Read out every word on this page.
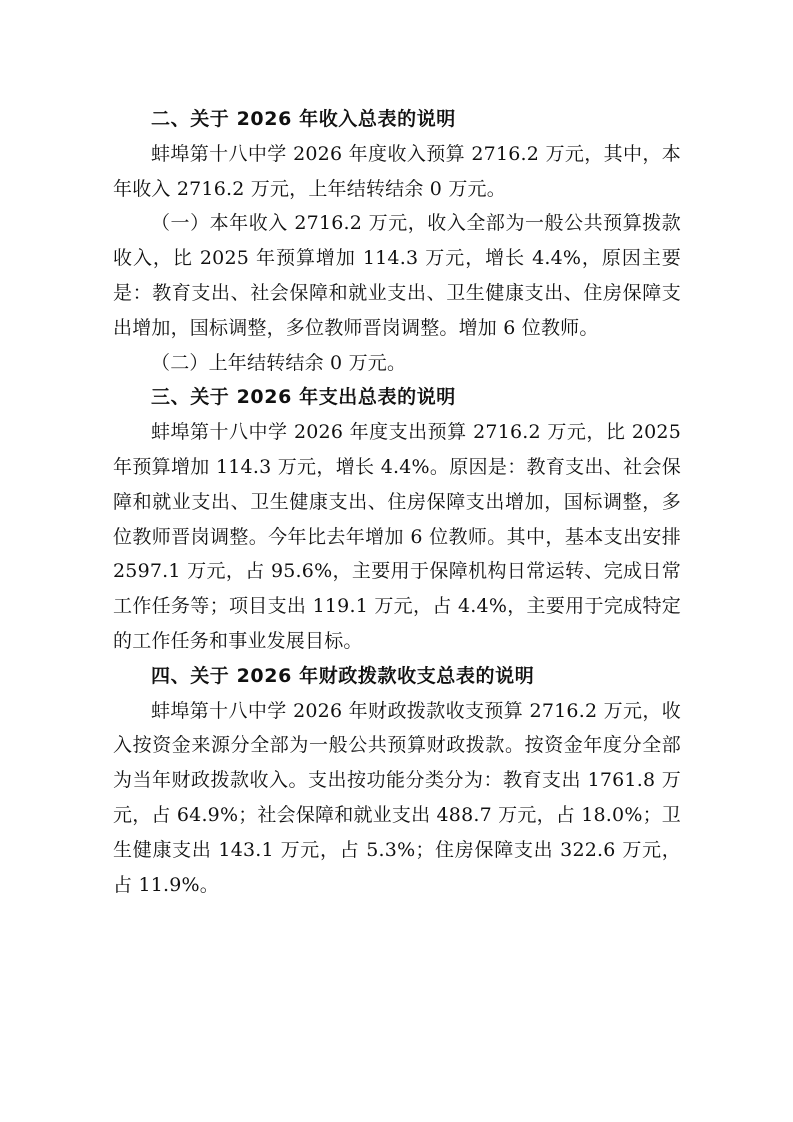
二、关于 2026 年收入总表的说明

蚌埠第十八中学 2026 年度收入预算 2716.2 万元，其中，本年收入 2716.2 万元，上年结转结余 0 万元。

（一）本年收入 2716.2 万元，收入全部为一般公共预算拨款收入，比 2025 年预算增加 114.3 万元，增长 4.4%，原因主要是：教育支出、社会保障和就业支出、卫生健康支出、住房保障支出增加，国标调整，多位教师晋岗调整。增加 6 位教师。

（二）上年结转结余 0 万元。

三、关于 2026 年支出总表的说明

蚌埠第十八中学 2026 年度支出预算 2716.2 万元，比 2025 年预算增加 114.3 万元，增长 4.4%。原因是：教育支出、社会保障和就业支出、卫生健康支出、住房保障支出增加，国标调整，多位教师晋岗调整。今年比去年增加 6 位教师。其中，基本支出安排 2597.1 万元，占 95.6%，主要用于保障机构日常运转、完成日常工作任务等；项目支出 119.1 万元，占 4.4%，主要用于完成特定的工作任务和事业发展目标。

四、关于 2026 年财政拨款收支总表的说明

蚌埠第十八中学 2026 年财政拨款收支预算 2716.2 万元，收入按资金来源分全部为一般公共预算财政拨款。按资金年度分全部为当年财政拨款收入。支出按功能分类分为：教育支出 1761.8 万元，占 64.9%；社会保障和就业支出 488.7 万元，占 18.0%；卫生健康支出 143.1 万元，占 5.3%；住房保障支出 322.6 万元，占 11.9%。
